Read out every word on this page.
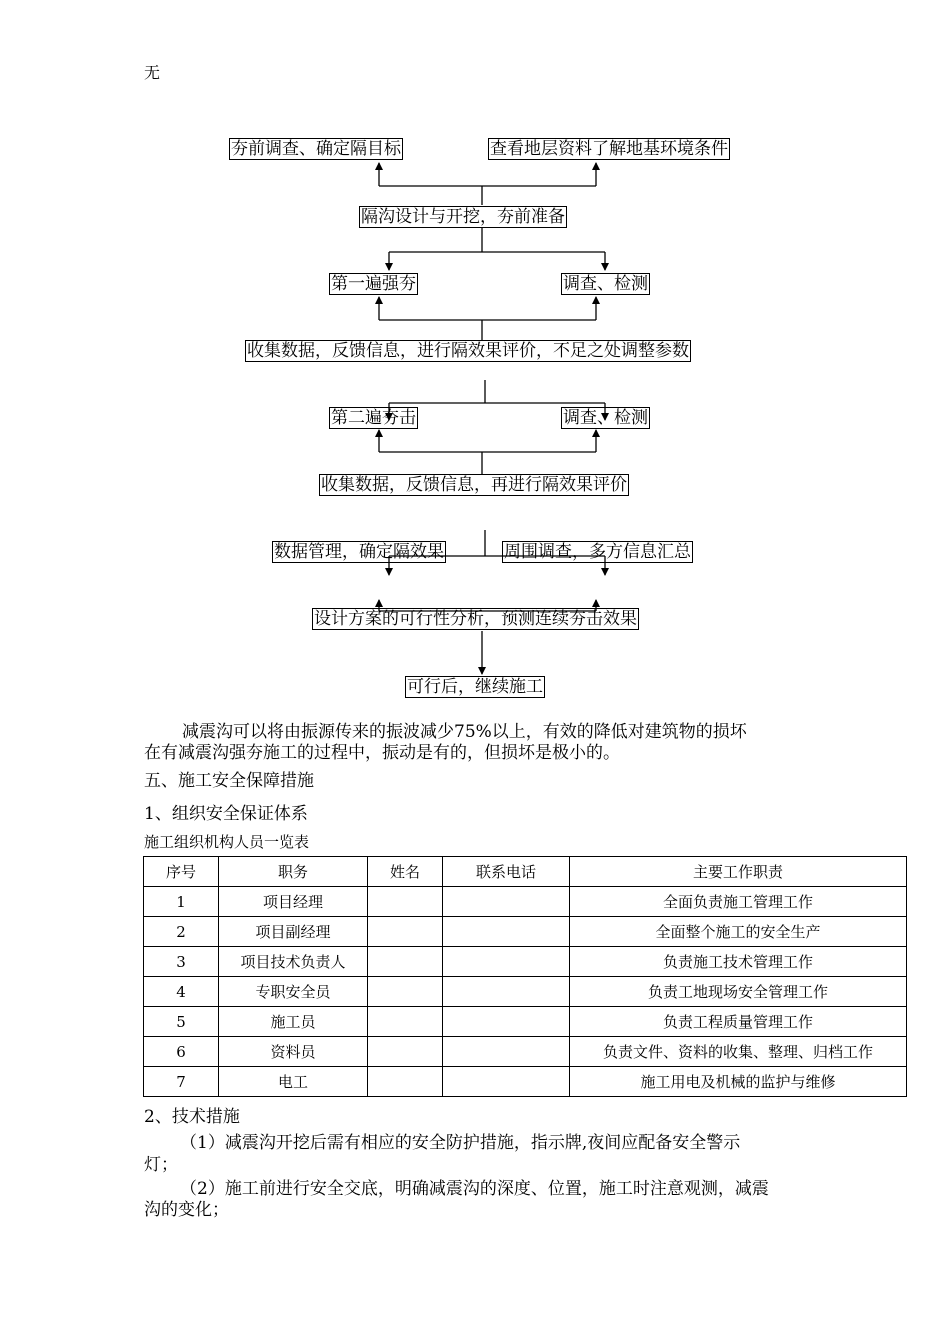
无
夯前调查、确定隔目标	查看地层资料了解地基环境条件
隔沟设计与开挖，夯前准备
第一遍强夯	调查、检测
收集数据，反馈信息，进行隔效果评价，不足之处调整参数
第二遍夯击	调查、检测
收集数据，反馈信息，再进行隔效果评价
数据管理，确定隔效果	周围调查，多方信息汇总
设计方案的可行性分析，预测连续夯击效果
可行后，继续施工
减震沟可以将由振源传来的振波减少75%以上，有效的降低对建筑物的损坏
在有减震沟强夯施工的过程中，振动是有的，但损坏是极小的。
五、施工安全保障措施
1、组织安全保证体系
施工组织机构人员一览表
序号	职务	姓名	联系电话	主要工作职责
1	项目经理			全面负责施工管理工作
2	项目副经理			全面整个施工的安全生产
3	项目技术负责人			负责施工技术管理工作
4	专职安全员			负责工地现场安全管理工作
5	施工员			负责工程质量管理工作
6	资料员			负责文件、资料的收集、整理、归档工作
7	电工			施工用电及机械的监护与维修
2、技术措施
（1）减震沟开挖后需有相应的安全防护措施，指示牌,夜间应配备安全警示
灯；
（2）施工前进行安全交底，明确减震沟的深度、位置，施工时注意观测，减震
沟的变化；
